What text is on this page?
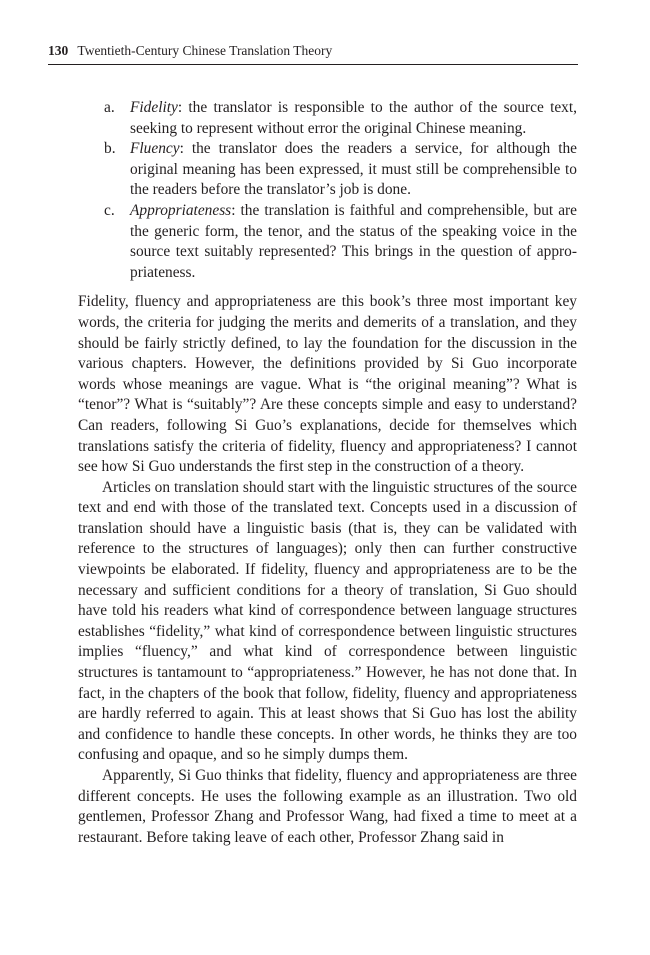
130 Twentieth-Century Chinese Translation Theory
a. Fidelity: the translator is responsible to the author of the source text, seeking to represent without error the original Chinese meaning.
b. Fluency: the translator does the readers a service, for although the original meaning has been expressed, it must still be comprehensible to the readers before the translator’s job is done.
c. Appropriateness: the translation is faithful and comprehensible, but are the generic form, the tenor, and the status of the speaking voice in the source text suitably represented? This brings in the question of appropriateness.

Fidelity, fluency and appropriateness are this book’s three most important key words, the criteria for judging the merits and demerits of a translation, and they should be fairly strictly defined, to lay the foundation for the discussion in the various chapters. However, the definitions provided by Si Guo incorporate words whose meanings are vague. What is “the original meaning”? What is “tenor”? What is “suitably”? Are these concepts simple and easy to understand? Can readers, following Si Guo’s explanations, decide for themselves which translations satisfy the criteria of fidelity, fluency and appropriateness? I cannot see how Si Guo understands the first step in the construction of a theory.

Articles on translation should start with the linguistic structures of the source text and end with those of the translated text. Concepts used in a discussion of translation should have a linguistic basis (that is, they can be validated with reference to the structures of languages); only then can further constructive viewpoints be elaborated. If fidelity, fluency and appropriateness are to be the necessary and sufficient conditions for a theory of translation, Si Guo should have told his readers what kind of correspondence between language structures establishes “fidelity,” what kind of correspondence between linguistic structures implies “fluency,” and what kind of correspondence between linguistic structures is tantamount to “appropriateness.” However, he has not done that. In fact, in the chapters of the book that follow, fidelity, fluency and appropriateness are hardly referred to again. This at least shows that Si Guo has lost the ability and confidence to handle these concepts. In other words, he thinks they are too confusing and opaque, and so he simply dumps them.

Apparently, Si Guo thinks that fidelity, fluency and appropriateness are three different concepts. He uses the following example as an illustration. Two old gentlemen, Professor Zhang and Professor Wang, had fixed a time to meet at a restaurant. Before taking leave of each other, Professor Zhang said in
